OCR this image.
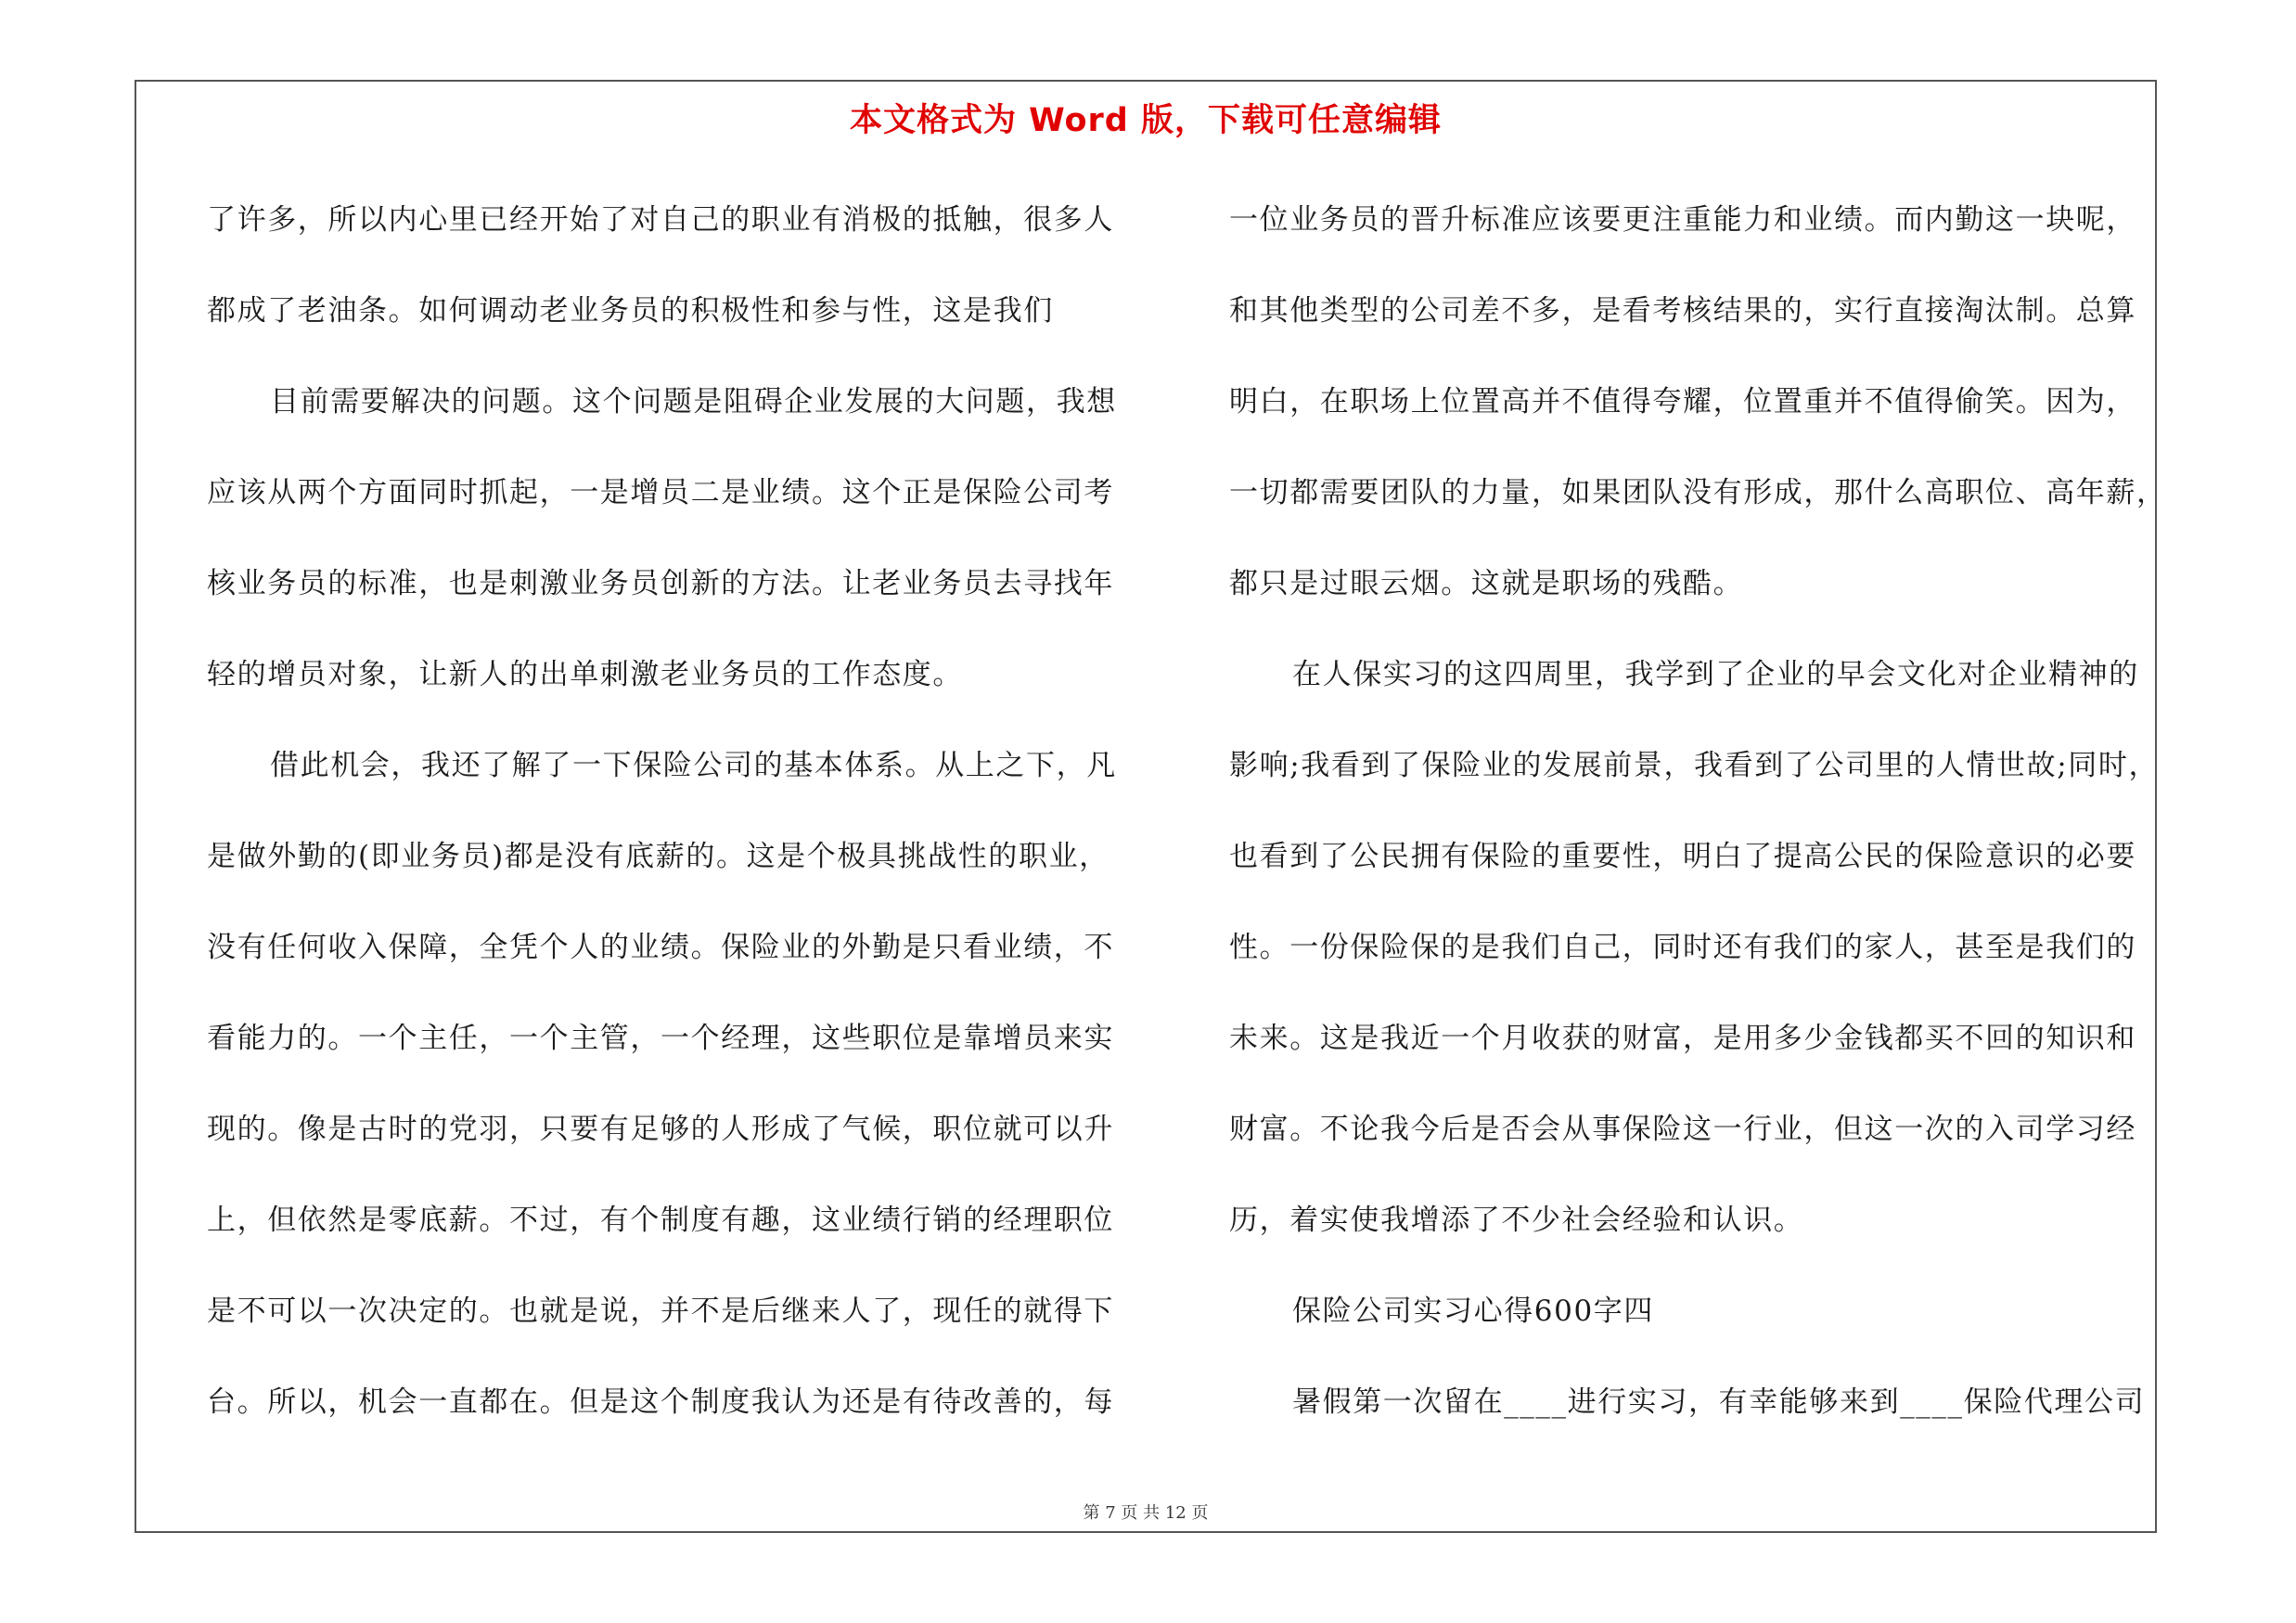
本文格式为 Word 版，下载可任意编辑
了许多，所以内心里已经开始了对自己的职业有消极的抵触，很多人
都成了老油条。如何调动老业务员的积极性和参与性，这是我们
目前需要解决的问题。这个问题是阻碍企业发展的大问题，我想
应该从两个方面同时抓起，一是增员二是业绩。这个正是保险公司考
核业务员的标准，也是刺激业务员创新的方法。让老业务员去寻找年
轻的增员对象，让新人的出单刺激老业务员的工作态度。
借此机会，我还了解了一下保险公司的基本体系。从上之下，凡
是做外勤的(即业务员)都是没有底薪的。这是个极具挑战性的职业，
没有任何收入保障，全凭个人的业绩。保险业的外勤是只看业绩，不
看能力的。一个主任，一个主管，一个经理，这些职位是靠增员来实
现的。像是古时的党羽，只要有足够的人形成了气候，职位就可以升
上，但依然是零底薪。不过，有个制度有趣，这业绩行销的经理职位
是不可以一次决定的。也就是说，并不是后继来人了，现任的就得下
台。所以，机会一直都在。但是这个制度我认为还是有待改善的，每
一位业务员的晋升标准应该要更注重能力和业绩。而内勤这一块呢，
和其他类型的公司差不多，是看考核结果的，实行直接淘汰制。总算
明白，在职场上位置高并不值得夸耀，位置重并不值得偷笑。因为，
一切都需要团队的力量，如果团队没有形成，那什么高职位、高年薪，
都只是过眼云烟。这就是职场的残酷。
在人保实习的这四周里，我学到了企业的早会文化对企业精神的
影响;我看到了保险业的发展前景，我看到了公司里的人情世故;同时，
也看到了公民拥有保险的重要性，明白了提高公民的保险意识的必要
性。一份保险保的是我们自己，同时还有我们的家人，甚至是我们的
未来。这是我近一个月收获的财富，是用多少金钱都买不回的知识和
财富。不论我今后是否会从事保险这一行业，但这一次的入司学习经
历，着实使我增添了不少社会经验和认识。
保险公司实习心得600字四
暑假第一次留在____进行实习，有幸能够来到____保险代理公司
第 7 页 共 12 页
